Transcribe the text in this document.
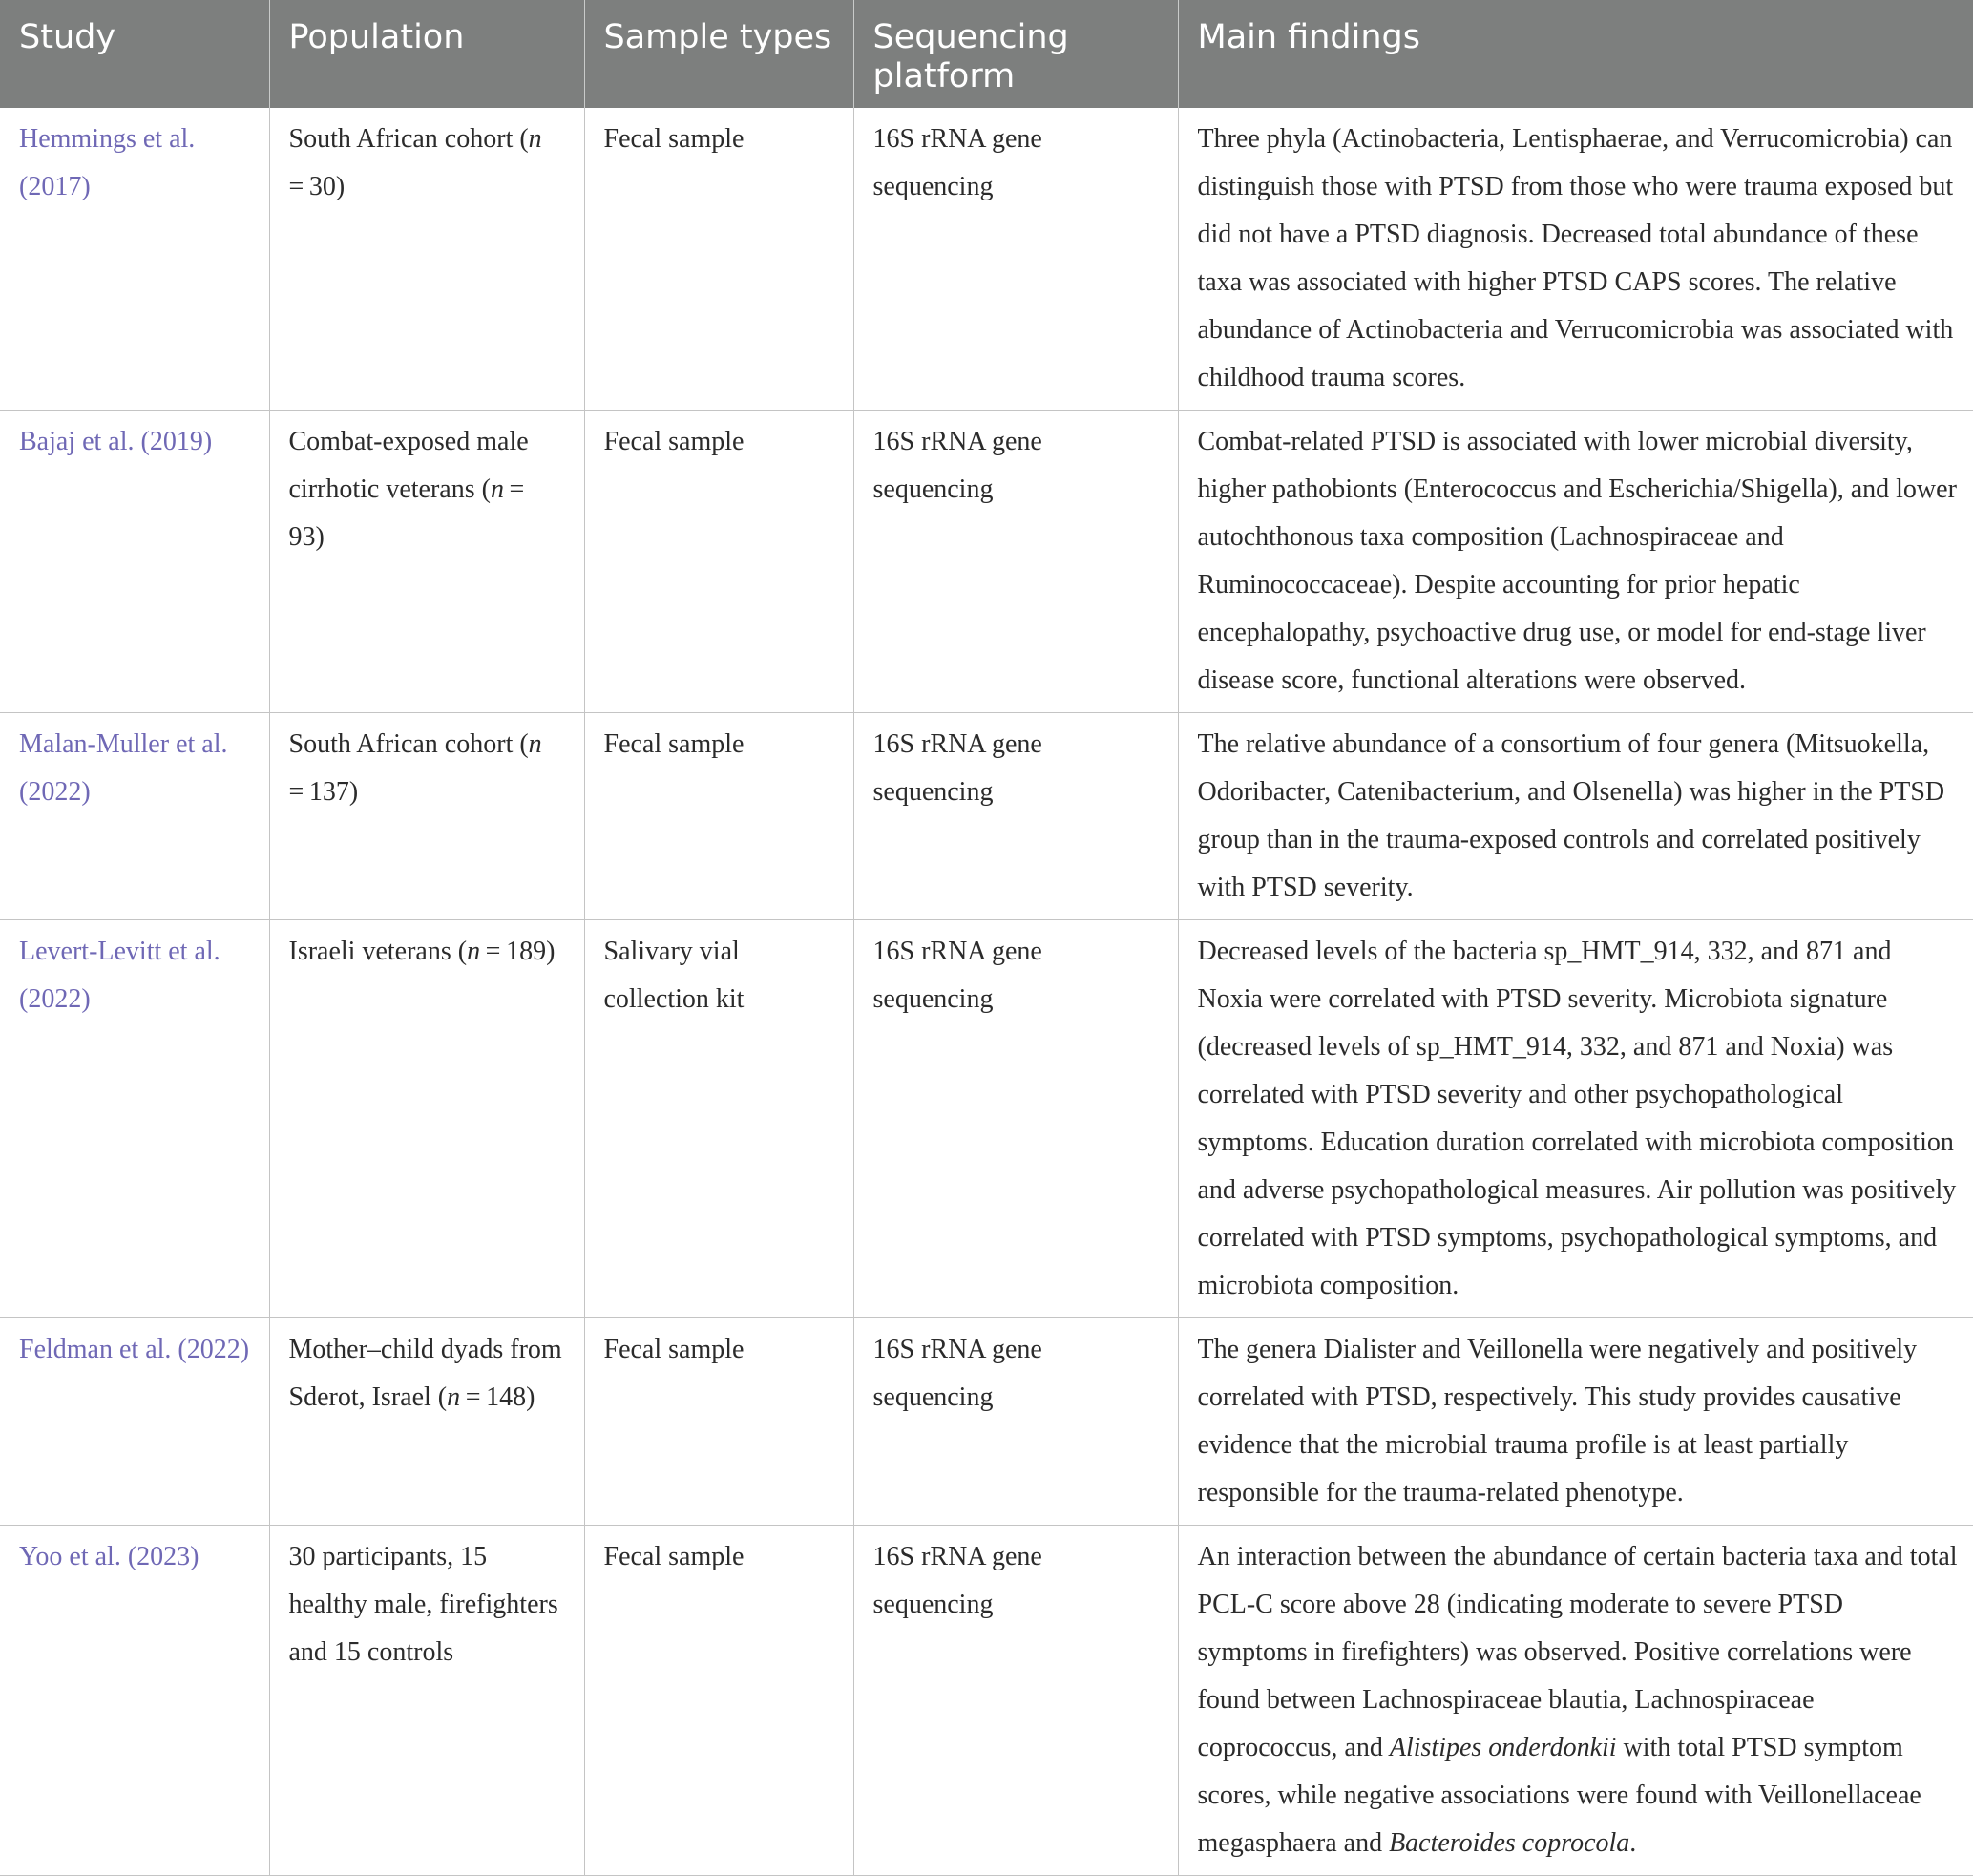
Study	Population	Sample types	Sequencing platform	Main findings
Hemmings et al. (2017)	South African cohort (n = 30)	Fecal sample	16S rRNA gene sequencing	Three phyla (Actinobacteria, Lentisphaerae, and Verrucomicrobia) can distinguish those with PTSD from those who were trauma exposed but did not have a PTSD diagnosis. Decreased total abundance of these taxa was associated with higher PTSD CAPS scores. The relative abundance of Actinobacteria and Verrucomicrobia was associated with childhood trauma scores.
Bajaj et al. (2019)	Combat-exposed male cirrhotic veterans (n = 93)	Fecal sample	16S rRNA gene sequencing	Combat-related PTSD is associated with lower microbial diversity, higher pathobionts (Enterococcus and Escherichia/Shigella), and lower autochthonous taxa composition (Lachnospiraceae and Ruminococcaceae). Despite accounting for prior hepatic encephalopathy, psychoactive drug use, or model for end-stage liver disease score, functional alterations were observed.
Malan-Muller et al. (2022)	South African cohort (n = 137)	Fecal sample	16S rRNA gene sequencing	The relative abundance of a consortium of four genera (Mitsuokella, Odoribacter, Catenibacterium, and Olsenella) was higher in the PTSD group than in the trauma-exposed controls and correlated positively with PTSD severity.
Levert-Levitt et al. (2022)	Israeli veterans (n = 189)	Salivary vial collection kit	16S rRNA gene sequencing	Decreased levels of the bacteria sp_HMT_914, 332, and 871 and Noxia were correlated with PTSD severity. Microbiota signature (decreased levels of sp_HMT_914, 332, and 871 and Noxia) was correlated with PTSD severity and other psychopathological symptoms. Education duration correlated with microbiota composition and adverse psychopathological measures. Air pollution was positively correlated with PTSD symptoms, psychopathological symptoms, and microbiota composition.
Feldman et al. (2022)	Mother–child dyads from Sderot, Israel (n = 148)	Fecal sample	16S rRNA gene sequencing	The genera Dialister and Veillonella were negatively and positively correlated with PTSD, respectively. This study provides causative evidence that the microbial trauma profile is at least partially responsible for the trauma-related phenotype.
Yoo et al. (2023)	30 participants, 15 healthy male, firefighters and 15 controls	Fecal sample	16S rRNA gene sequencing	An interaction between the abundance of certain bacteria taxa and total PCL-C score above 28 (indicating moderate to severe PTSD symptoms in firefighters) was observed. Positive correlations were found between Lachnospiraceae blautia, Lachnospiraceae coprococcus, and Alistipes onderdonkii with total PTSD symptom scores, while negative associations were found with Veillonellaceae megasphaera and Bacteroides coprocola.
